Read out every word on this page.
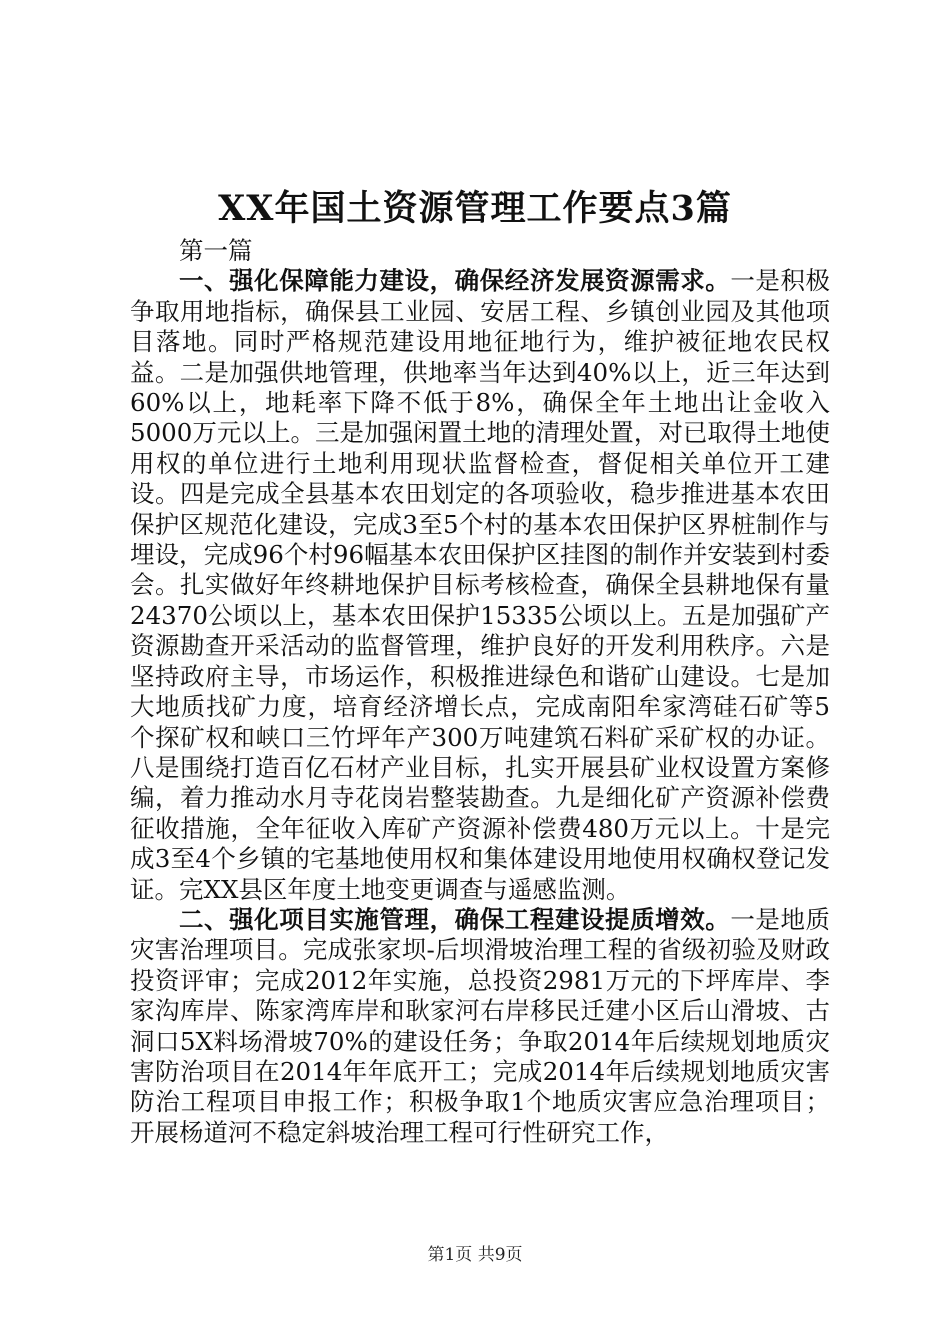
XX年国土资源管理工作要点3篇

第一篇

一、强化保障能力建设，确保经济发展资源需求。一是积极争取用地指标，确保县工业园、安居工程、乡镇创业园及其他项目落地。同时严格规范建设用地征地行为，维护被征地农民权益。二是加强供地管理，供地率当年达到40%以上，近三年达到60%以上，地耗率下降不低于8%，确保全年土地出让金收入5000万元以上。三是加强闲置土地的清理处置，对已取得土地使用权的单位进行土地利用现状监督检查，督促相关单位开工建设。四是完成全县基本农田划定的各项验收，稳步推进基本农田保护区规范化建设，完成3至5个村的基本农田保护区界桩制作与埋设，完成96个村96幅基本农田保护区挂图的制作并安装到村委会。扎实做好年终耕地保护目标考核检查，确保全县耕地保有量24370公顷以上，基本农田保护15335公顷以上。五是加强矿产资源勘查开采活动的监督管理，维护良好的开发利用秩序。六是坚持政府主导，市场运作，积极推进绿色和谐矿山建设。七是加大地质找矿力度，培育经济增长点，完成南阳牟家湾硅石矿等5个探矿权和峡口三竹坪年产300万吨建筑石料矿采矿权的办证。八是围绕打造百亿石材产业目标，扎实开展县矿业权设置方案修编，着力推动水月寺花岗岩整装勘查。九是细化矿产资源补偿费征收措施，全年征收入库矿产资源补偿费480万元以上。十是完成3至4个乡镇的宅基地使用权和集体建设用地使用权确权登记发证。完XX县区年度土地变更调查与遥感监测。

二、强化项目实施管理，确保工程建设提质增效。一是地质灾害治理项目。完成张家坝-后坝滑坡治理工程的省级初验及财政投资评审；完成2012年实施，总投资2981万元的下坪库岸、李家沟库岸、陈家湾库岸和耿家河右岸移民迁建小区后山滑坡、古洞口5X料场滑坡70%的建设任务；争取2014年后续规划地质灾害防治项目在2014年年底开工；完成2014年后续规划地质灾害防治工程项目申报工作；积极争取1个地质灾害应急治理项目；开展杨道河不稳定斜坡治理工程可行性研究工作，

第1页 共9页
